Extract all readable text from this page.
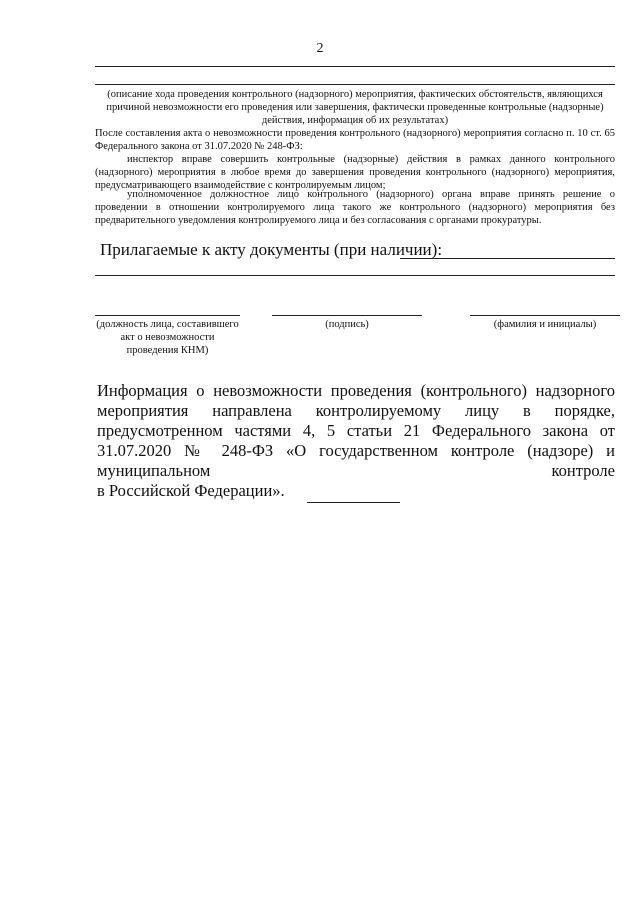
2
(описание хода проведения контрольного (надзорного) мероприятия, фактических обстоятельств, являющихся причиной невозможности его проведения или завершения, фактически проведенные контрольные (надзорные) действия, информация об их результатах)
После составления акта о невозможности проведения контрольного (надзорного) мероприятия согласно п. 10 ст. 65 Федерального закона от 31.07.2020 № 248-ФЗ:
инспектор вправе совершить контрольные (надзорные) действия в рамках данного контрольного (надзорного) мероприятия в любое время до завершения проведения контрольного (надзорного) мероприятия, предусматривающего взаимодействие с контролируемым лицом;
уполномоченное должностное лицо контрольного (надзорного) органа вправе принять решение о проведении в отношении контролируемого лица такого же контрольного (надзорного) мероприятия без предварительного уведомления контролируемого лица и без согласования с органами прокуратуры.
Прилагаемые к акту документы (при наличии):
(должность лица, составившего акт о невозможности проведения КНМ)
(подпись)	(фамилия и инициалы)
Информация о невозможности проведения (контрольного) надзорного мероприятия направлена контролируемому лицу в порядке, предусмотренном частями 4, 5 статьи 21 Федерального закона от 31.07.2020 № 248-ФЗ «О государственном контроле (надзоре) и муниципальном контроле
в Российской Федерации».
